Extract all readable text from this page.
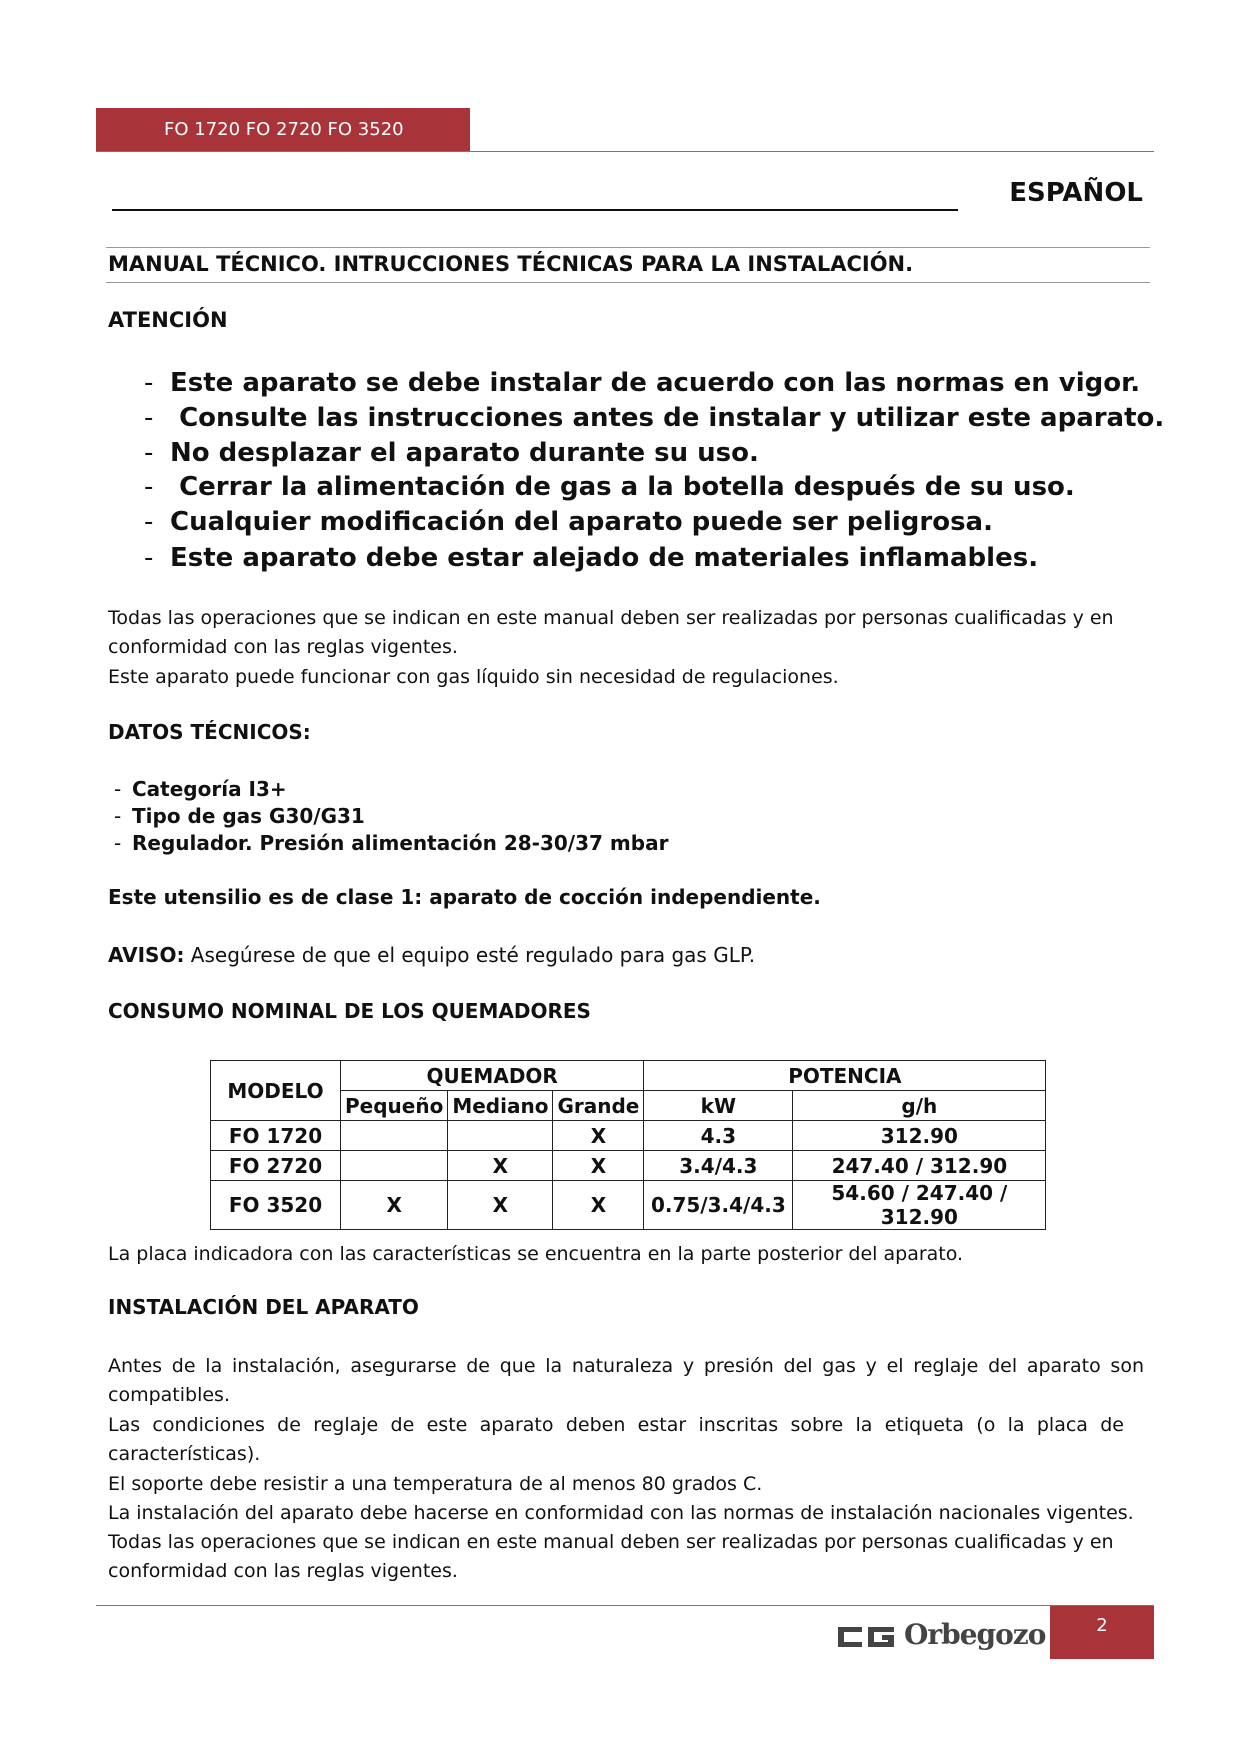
FO 1720 FO 2720 FO 3520
ESPAÑOL
MANUAL TÉCNICO. INTRUCCIONES TÉCNICAS PARA LA INSTALACIÓN.
ATENCIÓN
- Este aparato se debe instalar de acuerdo con las normas en vigor.
- Consulte las instrucciones antes de instalar y utilizar este aparato.
- No desplazar el aparato durante su uso.
- Cerrar la alimentación de gas a la botella después de su uso.
- Cualquier modificación del aparato puede ser peligrosa.
- Este aparato debe estar alejado de materiales inflamables.
Todas las operaciones que se indican en este manual deben ser realizadas por personas cualificadas y en conformidad con las reglas vigentes.
Este aparato puede funcionar con gas líquido sin necesidad de regulaciones.
DATOS TÉCNICOS:
- Categoría I3+
- Tipo de gas G30/G31
- Regulador. Presión alimentación 28-30/37 mbar
Este utensilio es de clase 1: aparato de cocción independiente.
AVISO: Asegúrese de que el equipo esté regulado para gas GLP.
CONSUMO NOMINAL DE LOS QUEMADORES
MODELO	QUEMADOR			POTENCIA	
	Pequeño	Mediano	Grande	kW	g/h
FO 1720			X	4.3	312.90
FO 2720		X	X	3.4/4.3	247.40 / 312.90
FO 3520	X	X	X	0.75/3.4/4.3	54.60 / 247.40 / 312.90
La placa indicadora con las características se encuentra en la parte posterior del aparato.
INSTALACIÓN DEL APARATO
Antes de la instalación, asegurarse de que la naturaleza y presión del gas y el reglaje del aparato son compatibles.
Las condiciones de reglaje de este aparato deben estar inscritas sobre la etiqueta (o la placa de características).
El soporte debe resistir a una temperatura de al menos 80 grados C.
La instalación del aparato debe hacerse en conformidad con las normas de instalación nacionales vigentes.
Todas las operaciones que se indican en este manual deben ser realizadas por personas cualificadas y en conformidad con las reglas vigentes.
Orbegozo	2
